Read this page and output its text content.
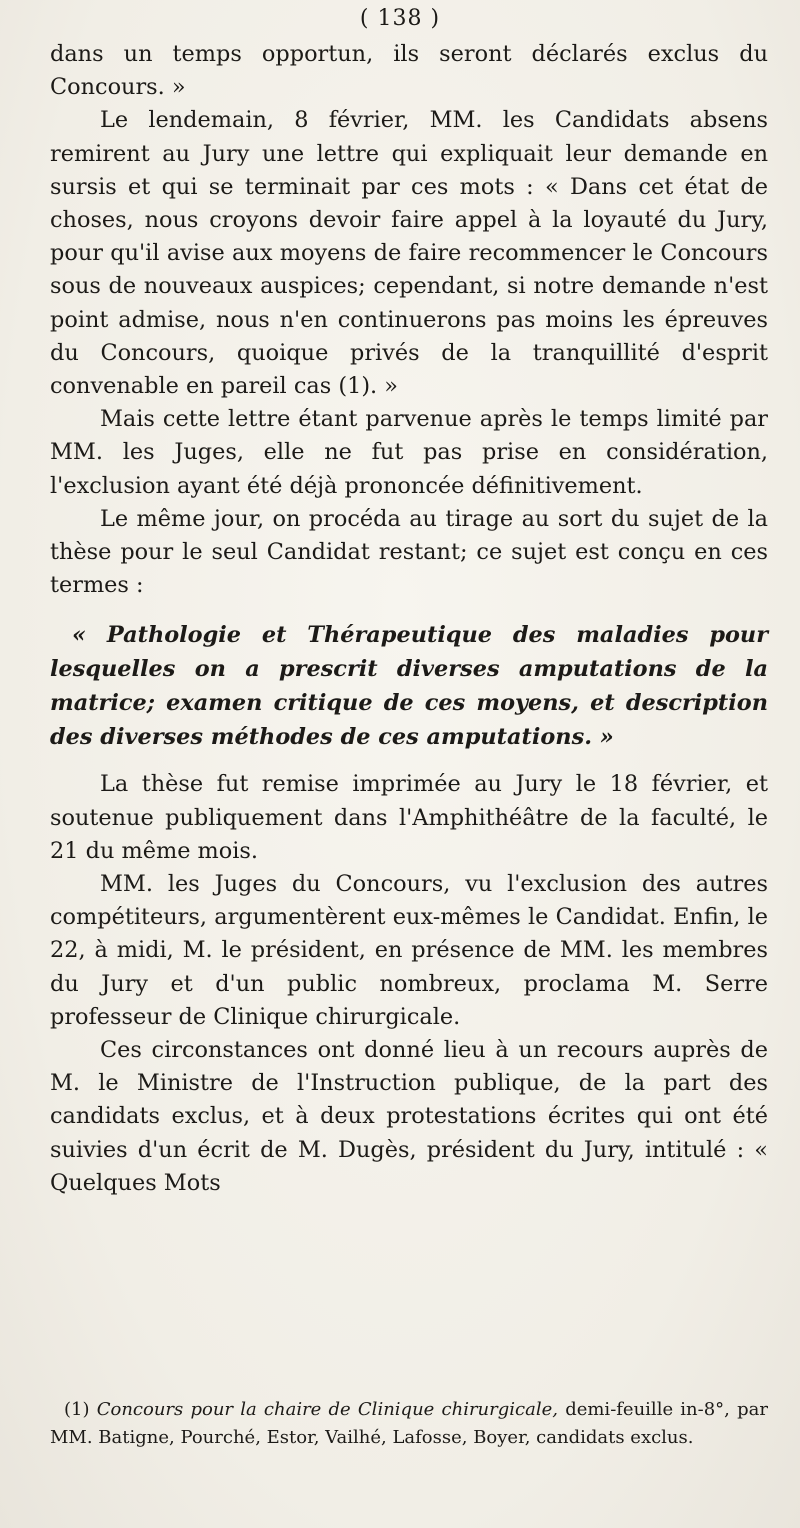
( 138 )

dans un temps opportun, ils seront déclarés exclus du Concours. »

Le lendemain, 8 février, MM. les Candidats absens remirent au Jury une lettre qui expliquait leur demande en sursis et qui se terminait par ces mots : « Dans cet état de choses, nous croyons devoir faire appel à la loyauté du Jury, pour qu'il avise aux moyens de faire recommencer le Concours sous de nouveaux auspices; cependant, si notre demande n'est point admise, nous n'en continuerons pas moins les épreuves du Concours, quoique privés de la tranquillité d'esprit convenable en pareil cas (1). »

Mais cette lettre étant parvenue après le temps limité par MM. les Juges, elle ne fut pas prise en considération, l'exclusion ayant été déjà prononcée définitivement.

Le même jour, on procéda au tirage au sort du sujet de la thèse pour le seul Candidat restant; ce sujet est conçu en ces termes :

« Pathologie et Thérapeutique des maladies pour lesquelles on a prescrit diverses amputations de la matrice; examen critique de ces moyens, et description des diverses méthodes de ces amputations. »

La thèse fut remise imprimée au Jury le 18 février, et soutenue publiquement dans l'Amphithéâtre de la faculté, le 21 du même mois.

MM. les Juges du Concours, vu l'exclusion des autres compétiteurs, argumentèrent eux-mêmes le Candidat. Enfin, le 22, à midi, M. le président, en présence de MM. les membres du Jury et d'un public nombreux, proclama M. Serre professeur de Clinique chirurgicale.

Ces circonstances ont donné lieu à un recours auprès de M. le Ministre de l'Instruction publique, de la part des candidats exclus, et à deux protestations écrites qui ont été suivies d'un écrit de M. Dugès, président du Jury, intitulé : « Quelques Mots

(1) Concours pour la chaire de Clinique chirurgicale, demi-feuille in-8°, par MM. Batigne, Pourché, Estor, Vailhé, Lafosse, Boyer, candidats exclus.
